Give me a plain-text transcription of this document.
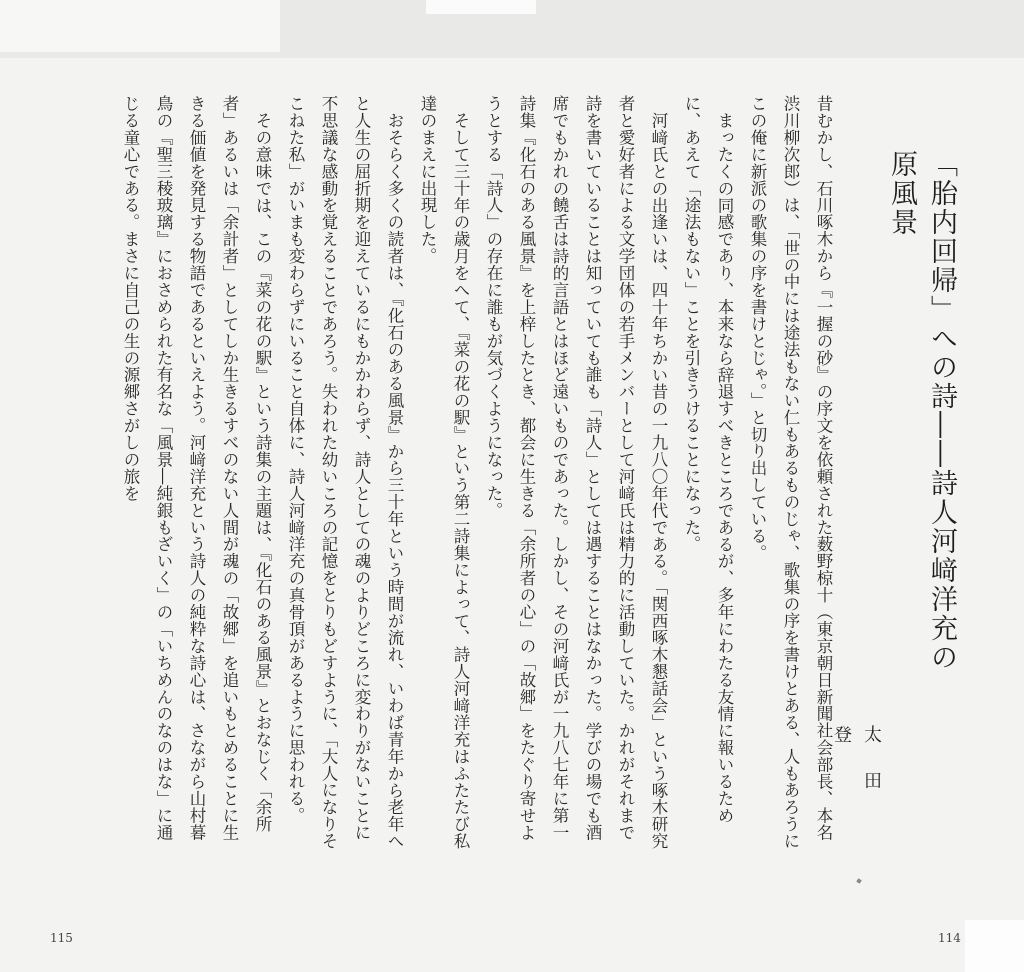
「胎内回帰」への詩――詩人河﨑洋充の原風景
太田　登

昔むかし、石川啄木から『一握の砂』の序文を依頼された薮野椋十（東京朝日新聞社会部長、本名渋川柳次郎）は、「世の中には途法もない仁もあるものじゃ、歌集の序を書けとある、人もあろうにこの俺に新派の歌集の序を書けとじゃ。」と切り出している。

まったくの同感であり、本来なら辞退すべきところであるが、多年にわたる友情に報いるために、あえて「途法もない」ことを引きうけることになった。

河﨑氏との出逢いは、四十年ちかい昔の一九八〇年代である。「関西啄木懇話会」という啄木研究者と愛好者による文学団体の若手メンバーとして河﨑氏は精力的に活動していた。かれがそれまで詩を書いていることは知っていても誰も「詩人」としては遇することはなかった。学びの場でも酒席でもかれの饒舌は詩的言語とはほど遠いものであった。しかし、その河﨑氏が一九八七年に第一詩集『化石のある風景』を上梓したとき、都会に生きる「余所者の心」の「故郷」をたぐり寄せようとする「詩人」の存在に誰もが気づくようになった。

そして三十年の歳月をへて、『菜の花の駅』という第二詩集によって、詩人河﨑洋充はふたたび私達のまえに出現した。

おそらく多くの読者は、『化石のある風景』から三十年という時間が流れ、いわば青年から老年へと人生の屈折期を迎えているにもかかわらず、詩人としての魂のよりどころに変わりがないことに不思議な感動を覚えることであろう。失われた幼いころの記憶をとりもどすように、「大人になりそこねた私」がいまも変わらずにいること自体に、詩人河﨑洋充の真骨頂があるように思われる。

その意味では、この『菜の花の駅』という詩集の主題は、『化石のある風景』とおなじく「余所者」あるいは「余計者」としてしか生きるすべのない人間が魂の「故郷」を追いもとめることに生きる価値を発見する物語であるといえよう。河﨑洋充という詩人の純粋な詩心は、さながら山村暮鳥の『聖三稜玻璃』におさめられた有名な「風景―純銀もざいく」の「いちめんのなのはな」に通じる童心である。まさに自己の生の源郷さがしの旅を

115	114
